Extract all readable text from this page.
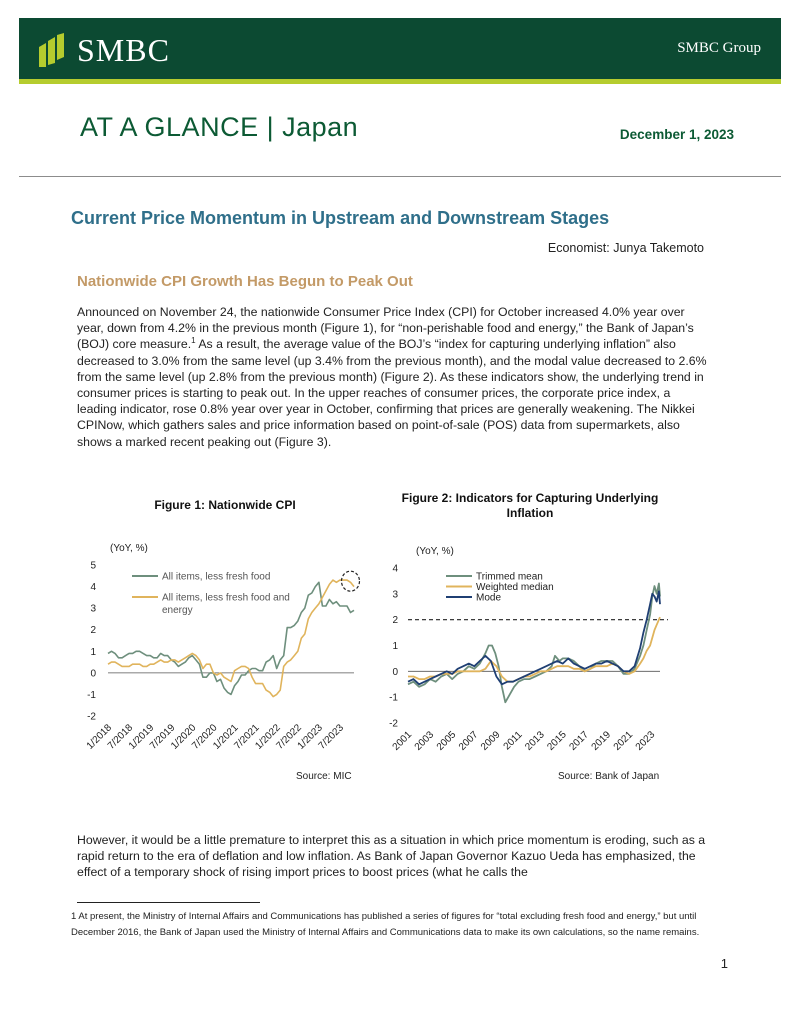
SMBC	SMBC Group
AT A GLANCE | Japan	December 1, 2023
Current Price Momentum in Upstream and Downstream Stages
Economist: Junya Takemoto
Nationwide CPI Growth Has Begun to Peak Out
Announced on November 24, the nationwide Consumer Price Index (CPI) for October increased 4.0% year over year, down from 4.2% in the previous month (Figure 1), for “non-perishable food and energy,” the Bank of Japan’s (BOJ) core measure.$^1$ As a result, the average value of the BOJ’s “index for capturing underlying inflation” also decreased to 3.0% from the same level (up 3.4% from the previous month), and the modal value decreased to 2.6% from the same level (up 2.8% from the previous month) (Figure 2). As these indicators show, the underlying trend in consumer prices is starting to peak out. In the upper reaches of consumer prices, the corporate price index, a leading indicator, rose 0.8% year over year in October, confirming that prices are generally weakening. The Nikkei CPINow, which gathers sales and price information based on point-of-sale (POS) data from supermarkets, also shows a marked recent peaking out (Figure 3).
Figure 1: Nationwide CPI	Figure 2: Indicators for Capturing Underlying Inflation
(YoY, %)
5
4
3
2
1
0
-1
-2
1/2018
7/2018
1/2019
7/2019
1/2020
7/2020
1/2021
7/2021
1/2022
7/2022
1/2023
7/2023
All items, less fresh food
All items, less fresh food and
energy
(YoY, %)
4
3
2
1
0
-1
-2
2001
2003
2005
2007
2009 2011
2013
2015
2017
2019
2021
2023
Trimmed mean
Weighted median
Mode
Source: MIC	Source: Bank of Japan
However, it would be a little premature to interpret this as a situation in which price momentum is eroding, such as a rapid return to the era of deflation and low inflation. As Bank of Japan Governor Kazuo Ueda has emphasized, the effect of a temporary shock of rising import prices to boost prices (what he calls the
1 At present, the Ministry of Internal Affairs and Communications has published a series of figures for “total excluding fresh food and energy,” but until December 2016, the Bank of Japan used the Ministry of Internal Affairs and Communications data to make its own calculations, so the name remains.
1
